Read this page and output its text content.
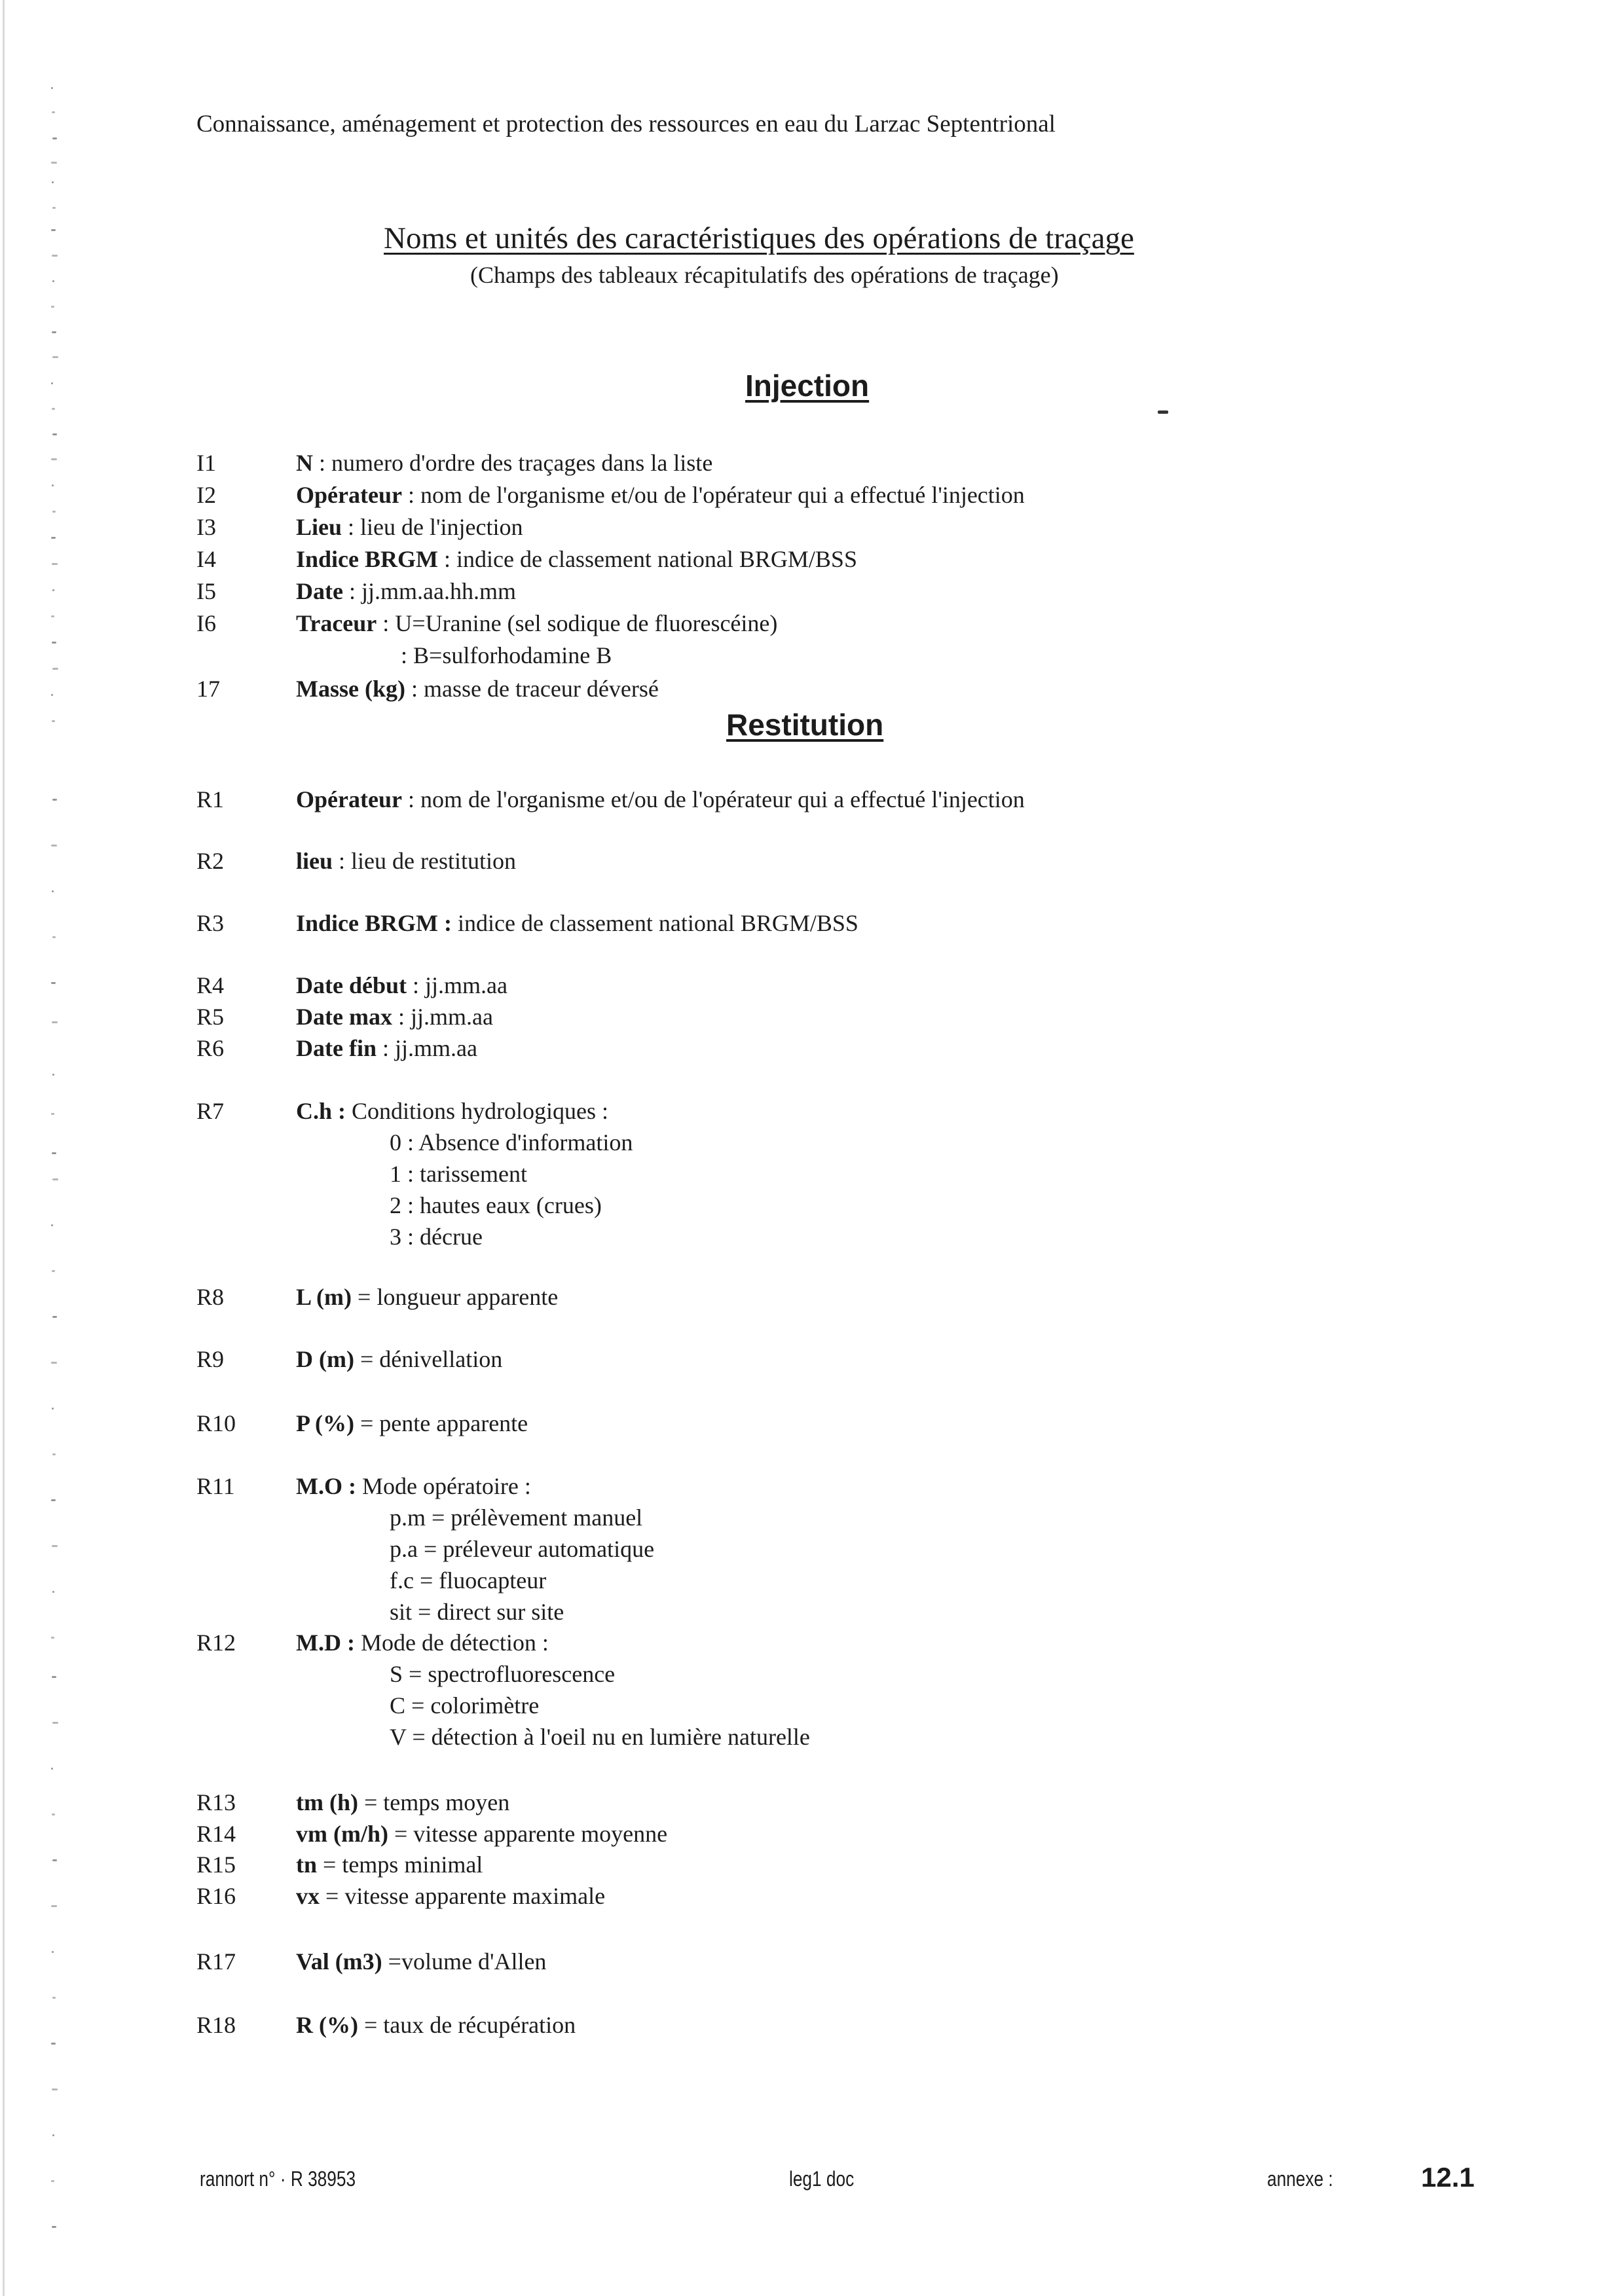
Connaissance, aménagement et protection des ressources en eau du Larzac Septentrional
Noms et unités des caractéristiques des opérations de traçage
(Champs des tableaux récapitulatifs des opérations de traçage)
Injection
I1	N : numero d'ordre des traçages dans la liste
I2	Opérateur : nom de l'organisme et/ou de l'opérateur qui a effectué l'injection
I3	Lieu : lieu de l'injection
I4	Indice BRGM : indice de classement national BRGM/BSS
I5	Date : jj.mm.aa.hh.mm
I6	Traceur : U=Uranine (sel sodique de fluorescéine)
: B=sulforhodamine B
17	Masse (kg) : masse de traceur déversé
Restitution
R1	Opérateur : nom de l'organisme et/ou de l'opérateur qui a effectué l'injection
R2	lieu : lieu de restitution
R3	Indice BRGM : indice de classement national BRGM/BSS
R4	Date début : jj.mm.aa
R5	Date max : jj.mm.aa
R6	Date fin : jj.mm.aa
R7	C.h : Conditions hydrologiques :
0 : Absence d'information
1 : tarissement
2 : hautes eaux (crues)
3 : décrue
R8	L (m) = longueur apparente
R9	D (m) = dénivellation
R10	P (%) = pente apparente
R11	M.O : Mode opératoire :
p.m = prélèvement manuel
p.a = préleveur automatique
f.c = fluocapteur
sit = direct sur site
R12	M.D : Mode de détection :
S = spectrofluorescence
C = colorimètre
V = détection à l'oeil nu en lumière naturelle
R13	tm (h) = temps moyen
R14	vm (m/h) = vitesse apparente moyenne
R15	tn = temps minimal
R16	vx = vitesse apparente maximale
R17	Val (m3) =volume d'Allen
R18	R (%) = taux de récupération
rannort n° · R 38953	leg1 doc	annexe :	12.1
